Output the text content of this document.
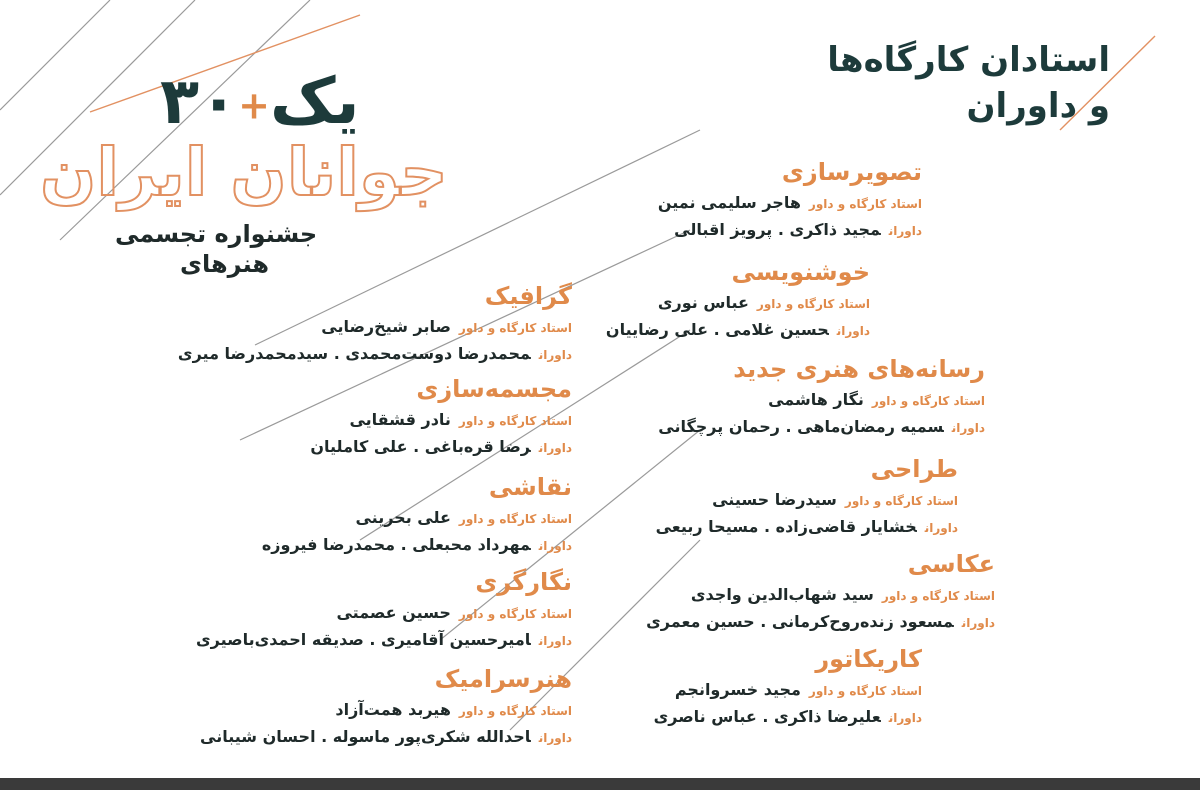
۳۰+یک
جوانان ایران
جشنواره تجسمی
هنرهای
استادان کارگاه‌ها
و داوران
تصویرسازی
استاد کارگاه و داورهاجر سلیمی نمین
داورانمجید ذاکری . پرویز اقبالی
خوشنویسی
استاد کارگاه و داورعباس نوری
داورانحسین غلامی . علی رضاییان
رسانه‌های هنری جدید
استاد کارگاه و داورنگار هاشمی
داورانسمیه رمضان‌ماهی . رحمان پرچگانی
طراحی
استاد کارگاه و داورسیدرضا حسینی
داورانخشایار قاضی‌زاده . مسیحا ربیعی
عکاسی
استاد کارگاه و داورسید شهاب‌الدین واجدی
داورانمسعود زنده‌روح‌کرمانی . حسین معمری
کاریکاتور
استاد کارگاه و داورمجید خسروانجم
داورانعلیرضا ذاکری . عباس ناصری
گرافیک
استاد کارگاه و داورصابر شیخ‌رضایی
داورانمحمدرضا دوست‌محمدی . سیدمحمدرضا میری
مجسمه‌سازی
استاد کارگاه و داورنادر قشقایی
داورانرضا قره‌باغی . علی کاملیان
نقاشی
استاد کارگاه و داورعلی بحرینی
داورانمهرداد محبعلی . محمدرضا فیروزه
نگارگری
استاد کارگاه و داورحسین عصمتی
داورانامیرحسین آقامیری . صدیقه احمدی‌باصیری
هنرسرامیک
استاد کارگاه و داورهیربد همت‌آزاد
داوراناحدالله شکری‌پور ماسوله . احسان شیبانی
